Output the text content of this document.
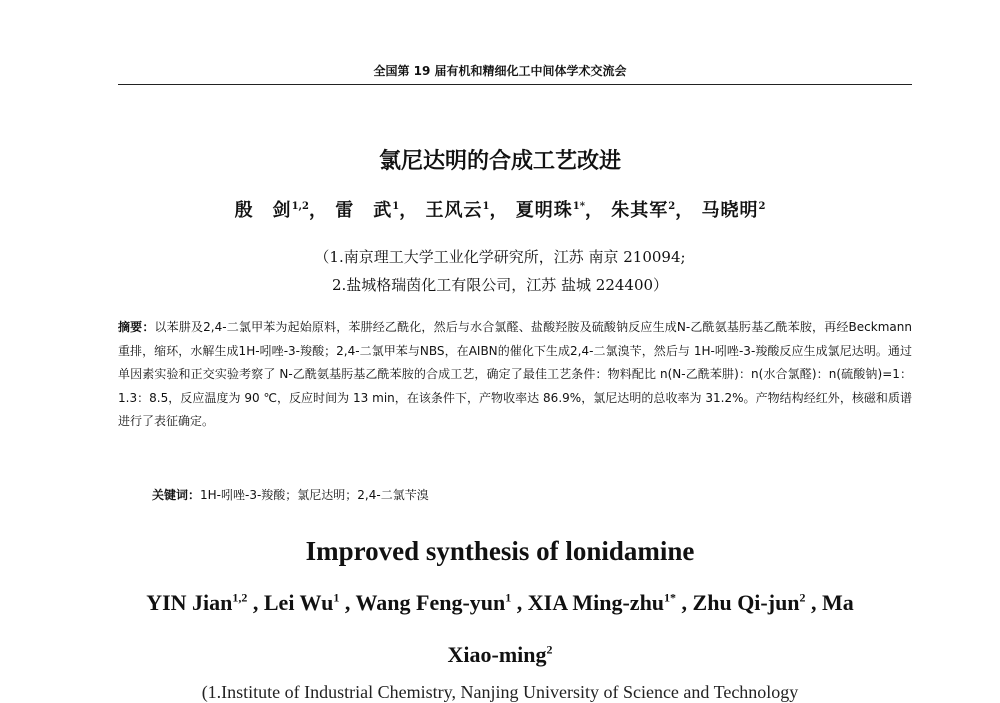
全国第 19 届有机和精细化工中间体学术交流会
氯尼达明的合成工艺改进
殷　剑$^{1,2}$， 雷　武$^1$， 王风云$^1$， 夏明珠$^{1*}$， 朱其军$^2$， 马晓明$^2$
（1.南京理工大学工业化学研究所，江苏 南京 210094;
2.盐城格瑞茵化工有限公司，江苏 盐城 224400）
摘要：以苯肼及2,4-二氯甲苯为起始原料，苯肼经乙酰化，然后与水合氯醛、盐酸羟胺及硫酸钠反应生成N-乙酰氨基肟基乙酰苯胺，再经Beckmann重排，缩环，水解生成1H-吲唑-3-羧酸；2,4-二氯甲苯与NBS，在AIBN的催化下生成2,4-二氯溴苄，然后与 1H-吲唑-3-羧酸反应生成氯尼达明。通过单因素实验和正交实验考察了 N-乙酰氨基肟基乙酰苯胺的合成工艺，确定了最佳工艺条件：物料配比 n(N-乙酰苯肼)：n(水合氯醛)：n(硫酸钠)=1：1.3：8.5，反应温度为 90 ℃，反应时间为 13 min，在该条件下，产物收率达 86.9%，氯尼达明的总收率为 31.2%。产物结构经红外，核磁和质谱进行了表征确定。
关键词：1H-吲唑-3-羧酸；氯尼达明；2,4-二氯苄溴
Improved synthesis of lonidamine
YIN Jian$^{1,2}$ , Lei Wu$^1$ , Wang Feng-yun$^1$ , XIA Ming-zhu$^{1*}$ , Zhu Qi-jun$^2$ , Ma
Xiao-ming$^2$
(1.Institute of Industrial Chemistry, Nanjing University of Science and Technology
